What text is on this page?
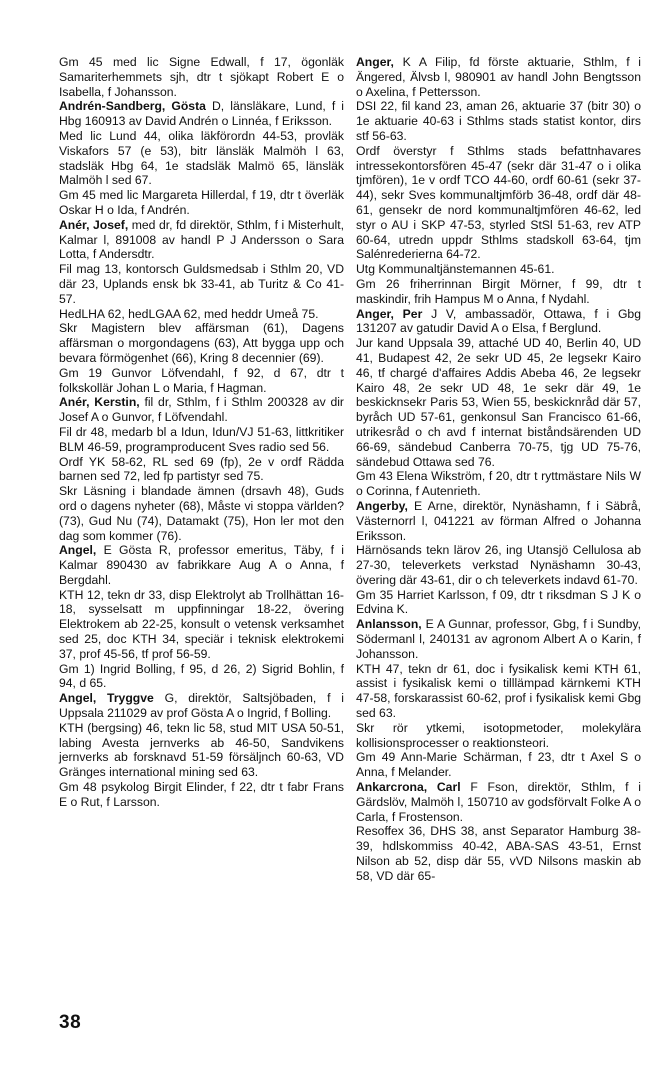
Gm 45 med lic Signe Edwall, f 17, ögonläk Samariterhemmets sjh, dtr t sjökapt Robert E o Isabella, f Johansson.

Andrén-Sandberg, Gösta D, länsläkare, Lund, f i Hbg 160913 av David Andrén o Linnéa, f Eriksson.

Med lic Lund 44, olika läkförordn 44-53, provläk Viskafors 57 (e 53), bitr länsläk Malmöh l 63, stadsläk Hbg 64, 1e stadsläk Malmö 65, länsläk Malmöh l sed 67.

Gm 45 med lic Margareta Hillerdal, f 19, dtr t överläk Oskar H o Ida, f Andrén.

Anér, Josef, med dr, fd direktör, Sthlm, f i Misterhult, Kalmar l, 891008 av handl P J Andersson o Sara Lotta, f Andersdtr.

Fil mag 13, kontorsch Guldsmedsab i Sthlm 20, VD där 23, Uplands ensk bk 33-41, ab Turitz & Co 41-57.

HedLHA 62, hedLGAA 62, med heddr Umeå 75.

Skr Magistern blev affärsman (61), Dagens affärsman o morgondagens (63), Att bygga upp och bevara förmögenhet (66), Kring 8 decennier (69).

Gm 19 Gunvor Löfvendahl, f 92, d 67, dtr t folkskollär Johan L o Maria, f Hagman.

Anér, Kerstin, fil dr, Sthlm, f i Sthlm 200328 av dir Josef A o Gunvor, f Löfvendahl.

Fil dr 48, medarb bl a Idun, Idun/VJ 51-63, littkritiker BLM 46-59, programproducent Sves radio sed 56.

Ordf YK 58-62, RL sed 69 (fp), 2e v ordf Rädda barnen sed 72, led fp partistyr sed 75.

Skr Läsning i blandade ämnen (drsavh 48), Guds ord o dagens nyheter (68), Måste vi stoppa världen? (73), Gud Nu (74), Datamakt (75), Hon ler mot den dag som kommer (76).

Angel, E Gösta R, professor emeritus, Täby, f i Kalmar 890430 av fabrikkare Aug A o Anna, f Bergdahl.

KTH 12, tekn dr 33, disp Elektrolyt ab Trollhättan 16-18, sysselsatt m uppfinningar 18-22, övering Elektrokem ab 22-25, konsult o vetensk verksamhet sed 25, doc KTH 34, speciär i teknisk elektrokemi 37, prof 45-56, tf prof 56-59.

Gm 1) Ingrid Bolling, f 95, d 26, 2) Sigrid Bohlin, f 94, d 65.

Angel, Tryggve G, direktör, Saltsjöbaden, f i Uppsala 211029 av prof Gösta A o Ingrid, f Bolling.

KTH (bergsing) 46, tekn lic 58, stud MIT USA 50-51, labing Avesta jernverks ab 46-50, Sandvikens jernverks ab forsknavd 51-59 försäljnch 60-63, VD Gränges international mining sed 63.

Gm 48 psykolog Birgit Elinder, f 22, dtr t fabr Frans E o Rut, f Larsson.

Anger, K A Filip, fd förste aktuarie, Sthlm, f i Ängered, Älvsb l, 980901 av handl John Bengtsson o Axelina, f Pettersson.

DSI 22, fil kand 23, aman 26, aktuarie 37 (bitr 30) o 1e aktuarie 40-63 i Sthlms stads statist kontor, dirs stf 56-63.

Ordf överstyr f Sthlms stads befattnhavares intressekontorsfören 45-47 (sekr där 31-47 o i olika tjmfören), 1e v ordf TCO 44-60, ordf 60-61 (sekr 37-44), sekr Sves kommunaltjmförb 36-48, ordf där 48-61, gensekr de nord kommunaltjmfören 46-62, led styr o AU i SKP 47-53, styrled StSl 51-63, rev ATP 60-64, utredn uppdr Sthlms stadskoll 63-64, tjm Salénrederierna 64-72.

Utg Kommunaltjänstemannen 45-61.

Gm 26 friherrinnan Birgit Mörner, f 99, dtr t maskindir, frih Hampus M o Anna, f Nydahl.

Anger, Per J V, ambassadör, Ottawa, f i Gbg 131207 av gatudir David A o Elsa, f Berglund.

Jur kand Uppsala 39, attaché UD 40, Berlin 40, UD 41, Budapest 42, 2e sekr UD 45, 2e legsekr Kairo 46, tf chargé d'affaires Addis Abeba 46, 2e legsekr Kairo 48, 2e sekr UD 48, 1e sekr där 49, 1e beskicknsekr Paris 53, Wien 55, beskicknråd där 57, byråch UD 57-61, genkonsul San Francisco 61-66, utrikesråd o ch avd f internat biståndsärenden UD 66-69, sändebud Canberra 70-75, tjg UD 75-76, sändebud Ottawa sed 76.

Gm 43 Elena Wikström, f 20, dtr t ryttmästare Nils W o Corinna, f Autenrieth.

Angerby, E Arne, direktör, Nynäshamn, f i Säbrå, Västernorrl l, 041221 av förman Alfred o Johanna Eriksson.

Härnösands tekn lärov 26, ing Utansjö Cellulosa ab 27-30, televerkets verkstad Nynäshamn 30-43, övering där 43-61, dir o ch televerkets indavd 61-70.

Gm 35 Harriet Karlsson, f 09, dtr t riksdman S J K o Edvina K.

Anlansson, E A Gunnar, professor, Gbg, f i Sundby, Södermanl l, 240131 av agronom Albert A o Karin, f Johansson.

KTH 47, tekn dr 61, doc i fysikalisk kemi KTH 61, assist i fysikalisk kemi o tilllämpad kärnkemi KTH 47-58, forskarassist 60-62, prof i fysikalisk kemi Gbg sed 63.

Skr rör ytkemi, isotopmetoder, molekylära kollisionsprocesser o reaktionsteori.

Gm 49 Ann-Marie Schärman, f 23, dtr t Axel S o Anna, f Melander.

Ankarcrona, Carl F Fson, direktör, Sthlm, f i Gärdslöv, Malmöh l, 150710 av godsförvalt Folke A o Carla, f Frostenson.

Resoffex 36, DHS 38, anst Separator Hamburg 38-39, hdlskommiss 40-42, ABA-SAS 43-51, Ernst Nilson ab 52, disp där 55, vVD Nilsons maskin ab 58, VD där 65-

38
